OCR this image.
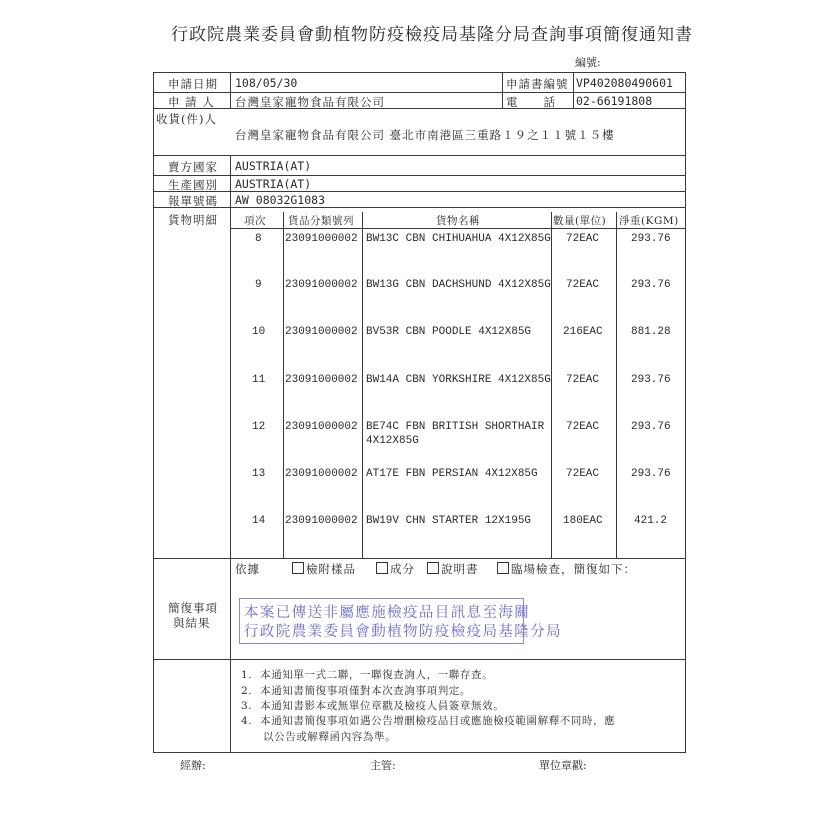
行政院農業委員會動植物防疫檢疫局基隆分局查詢事項簡復通知書
編號:
申請日期 108/05/30	申請書編號 VP402080490601
申 請 人 台灣皇家寵物食品有限公司	電　　話 02-66191808
收貨(件)人
台灣皇家寵物食品有限公司 臺北市南港區三重路１９之１１號１５樓
賣方國家 AUSTRIA(AT)
生產國別 AUSTRIA(AT)
報單號碼 AW 08032G1083
貨物明細 項次 貨品分類號列	貨物名稱	數量(單位) 淨重(KGM)
8 23091000002 BW13C CBN CHIHUAHUA 4X12X85G 72EAC	293.76
9 23091000002 BW13G CBN DACHSHUND 4X12X85G 72EAC	293.76
10 23091000002 BV53R CBN POODLE 4X12X85G	216EAC	881.28
11 23091000002 BW14A CBN YORKSHIRE 4X12X85G 72EAC	293.76
12 23091000002 BE74C FBN BRITISH SHORTHAIR
4X12X85G
72EAC	293.76
13 23091000002 AT17E FBN PERSIAN 4X12X85G	72EAC	293.76
14 23091000002 BW19V CHN STARTER 12X195G	180EAC	421.2
依據	檢附樣品	成分	說明書	臨場檢查，簡復如下：
簡復事項
與結果
本案已傳送非屬應施檢疫品目訊息至海關
行政院農業委員會動植物防疫檢疫局基隆分局
1. 本通知單一式二聯，一聯復查詢人，一聯存查。
2. 本通知書簡復事項僅對本次查詢事項判定。
3. 本通知書影本或無單位章戳及檢疫人員簽章無效。
4. 本通知書簡復事項如遇公告增刪檢疫品目或應施檢疫範圍解釋不同時，應
以公告或解釋函內容為準。
經辦:	主管:	單位章戳:
